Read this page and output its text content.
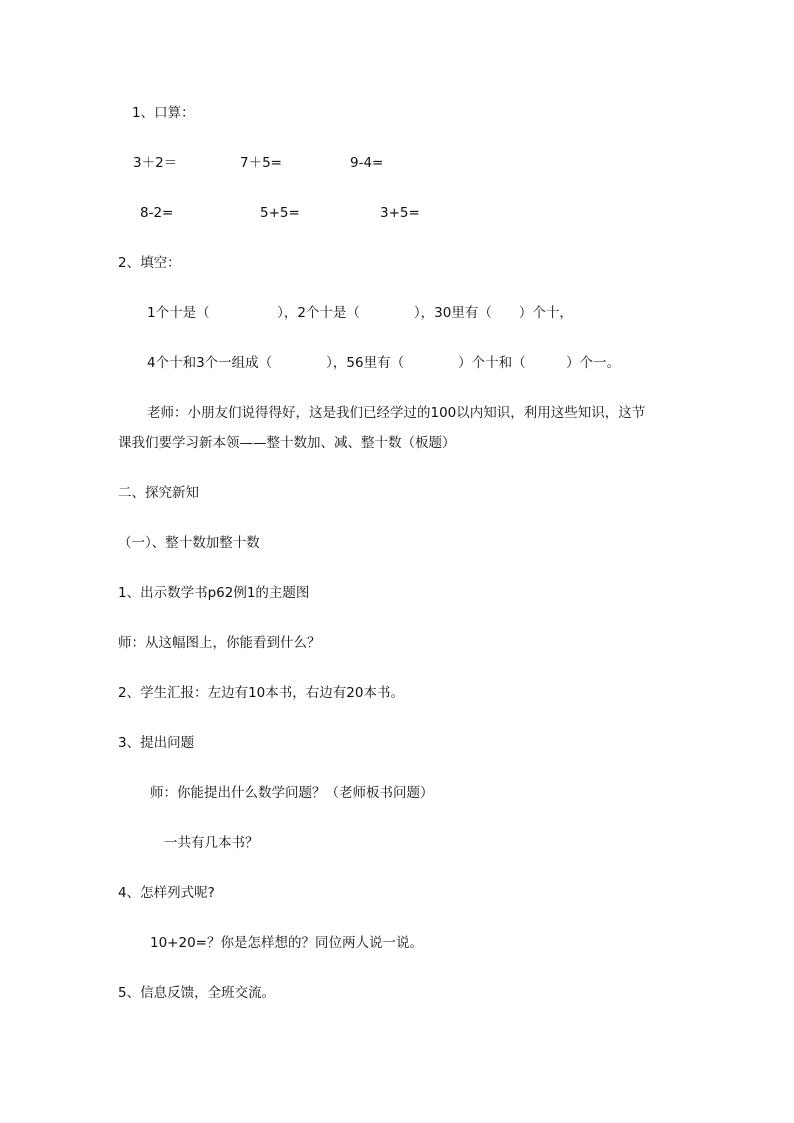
1、口算：
3＋2＝	7＋5=	9-4=
8-2=	5+5=	3+5=
2、填空：
1个十是（　　　　　），2个十是（　　　　），30里有（　　）个十，
4个十和3个一组成（　　　　），56里有（　　　　）个十和（　　　）个一。
老师：小朋友们说得得好，这是我们已经学过的100以内知识，利用这些知识，这节
课我们要学习新本领——整十数加、减、整十数（板题）
二、探究新知
（一）、整十数加整十数
1、出示数学书p62例1的主题图
师：从这幅图上，你能看到什么？
2、学生汇报：左边有10本书，右边有20本书。
3、提出问题
师：你能提出什么数学问题？（老师板书问题）
一共有几本书？
4、怎样列式呢?
10+20=？你是怎样想的？同位两人说一说。
5、信息反馈，全班交流。
